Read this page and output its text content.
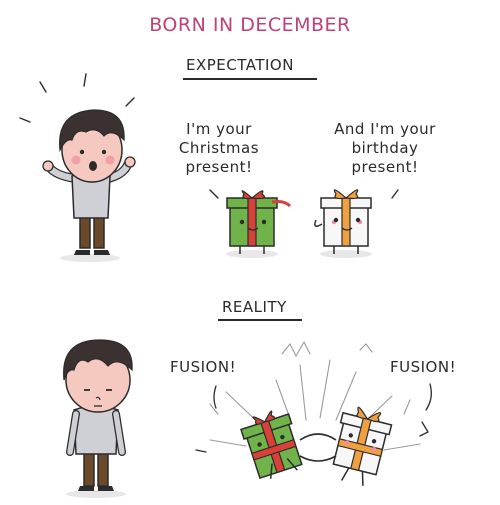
BORN IN DECEMBER
EXPECTATION
I'm your
Christmas
present!
And I'm your
birthday
present!
REALITY
FUSION!	FUSION!
